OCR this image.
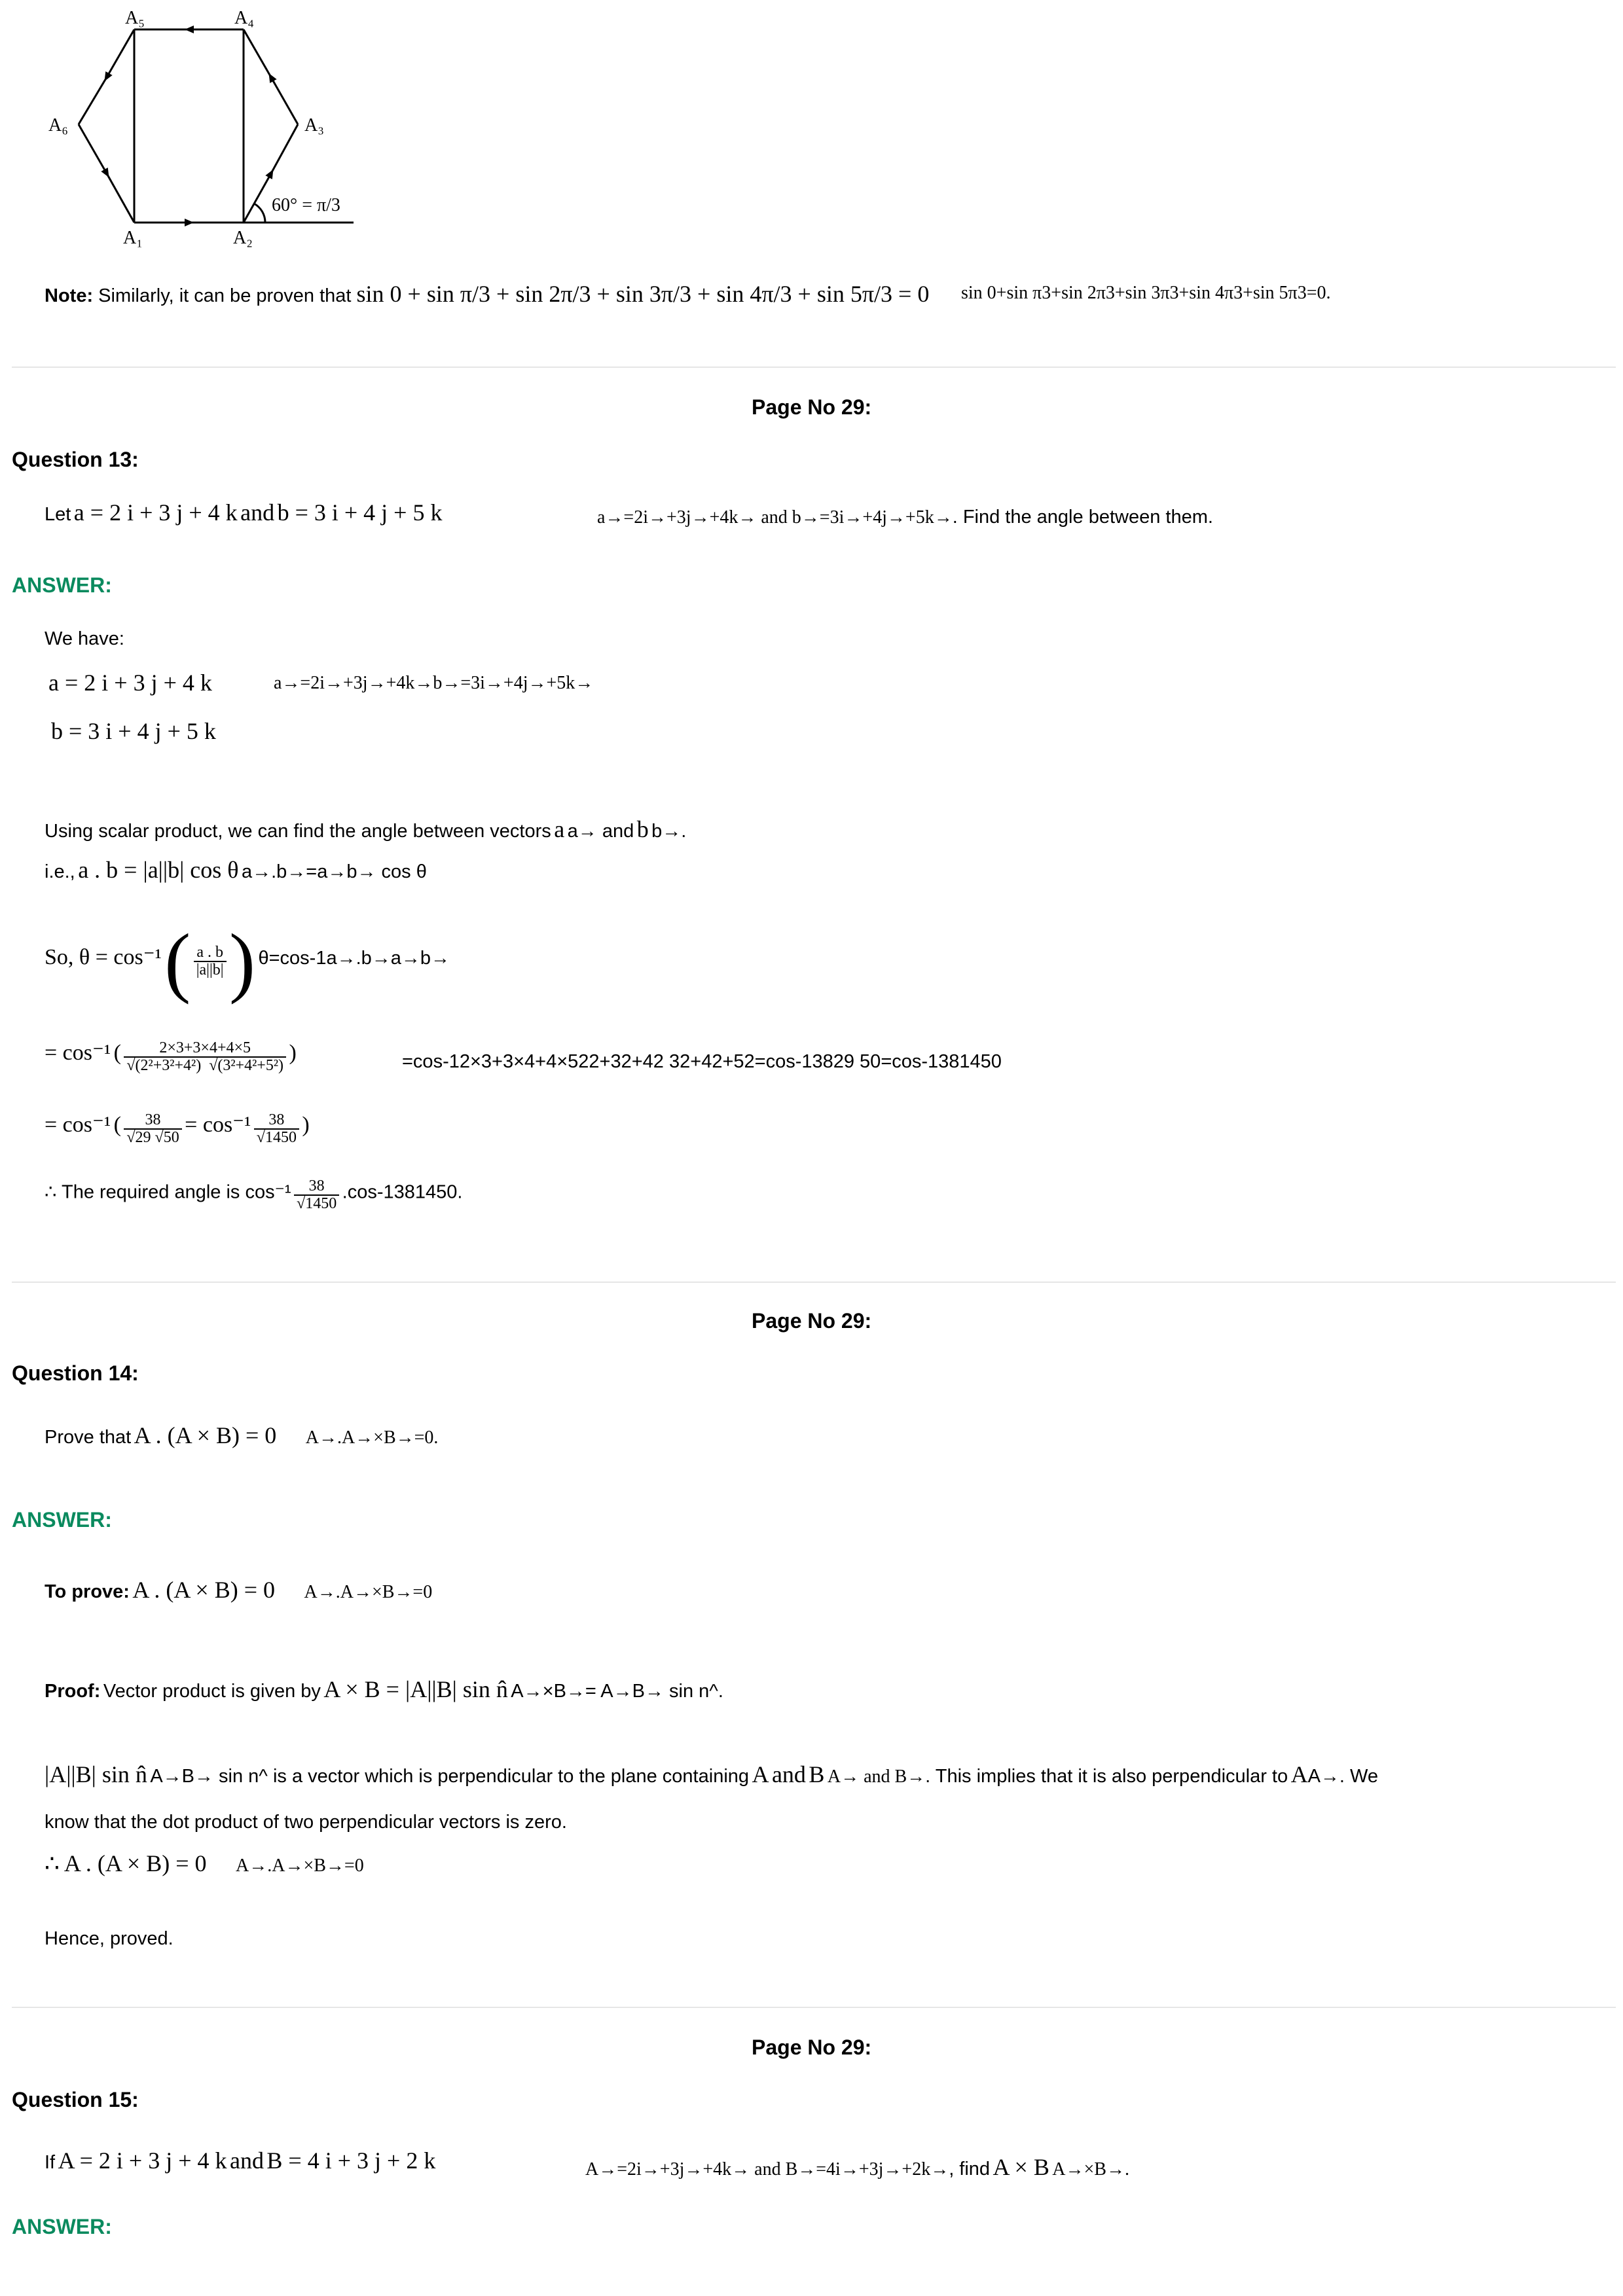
A₁	A₂
A₃
A₄
A₅
A₆
60° = π/3
Note: Similarly, it can be proven that sin 0 + sin π/3 + sin 2π/3 + sin 3π/3 + sin 4π/3 + sin 5π/3 = 0 sin 0+sin π3+sin 2π3+sin 3π3+sin 4π3+sin 5π3=0.
Page No 29:
Question 13:
Let a = 2 i + 3 j + 4 k and b = 3 i + 4 j + 5 k	a→=2i→+3j→+4k→ and b→=3i→+4j→+5k→. Find the angle between them.
ANSWER:
We have:
a = 2 i + 3 j + 4 k	a→=2i→+3j→+4k→b→=3i→+4j→+5k→
b = 3 i + 4 j + 5 k
Using scalar product, we can find the angle between vectors a a→ and b b→.
i.e., a . b = |a||b| cos θ a→.b→=a→b→ cos θ
So, θ = cos⁻¹ ( $\frac{a . b}{|a||b|}$ ) θ=cos-1a→.b→a→b→
= cos⁻¹ ( $\frac{2\times 3+3\times 4+4\times 5}{\text{√(2²+3²+4²) √(3²+4²+5²)}}$ )	=cos-12×3+3×4+4×522+32+42 32+42+52=cos-13829 50=cos-1381450
= cos⁻¹ ( $\frac{38}{√29 √50} = \cos^{-1} \frac{38}{√1450}$ )
∴ The required angle is $\cos^{-1} \frac{38}{√1450} .\cos-1381450$.
Page No 29:
Question 14:
Prove that A . (A × B) = 0 A→.A→×B→=0.
ANSWER:
To prove: A . (A × B) = 0 A→.A→×B→=0
Proof: Vector product is given by A × B = |A||B| sin n̂ A→×B→= A→B→ sin n^.
|A||B| sin n̂ A→B→ sin n^ is a vector which is perpendicular to the plane containing A and B A→ and B→. This implies that it is also perpendicular to AA→. We
know that the dot product of two perpendicular vectors is zero.
∴ A . (A × B) = 0 A→.A→×B→=0
Hence, proved.
Page No 29:
Question 15:
If A = 2 i + 3 j + 4 k and B = 4 i + 3 j + 2 k	A→=2i→+3j→+4k→ and B→=4i→+3j→+2k→, find A × B A→×B→.
ANSWER:
